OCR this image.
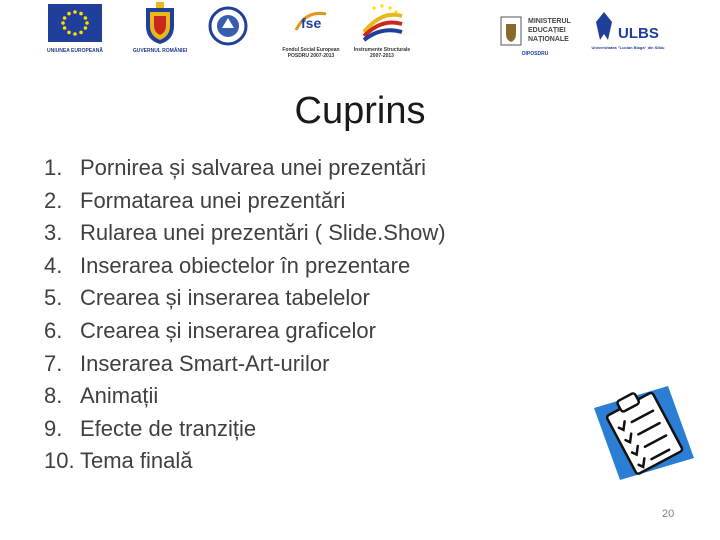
UNIUNEA EUROPEANĂ	GUVERNUL ROMÂNIEI
fse
Fondul Social European
POSDRU 2007-2013
Instrumente Structurale
2007-2013
MINISTERUL
EDUCAȚIEI
NAȚIONALE
OIPOSDRU
ULBS
Universitatea "Lucian Blaga" din Sibiu
Cuprins
1. Pornirea și salvarea unei prezentări
2. Formatarea unei prezentări
3. Rularea unei prezentări ( Slide.Show)
4. Inserarea obiectelor în prezentare
5. Crearea și inserarea tabelelor
6. Crearea și inserarea graficelor
7. Inserarea Smart-Art-urilor
8. Animații
9. Efecte de tranziție
10. Tema finală
20
